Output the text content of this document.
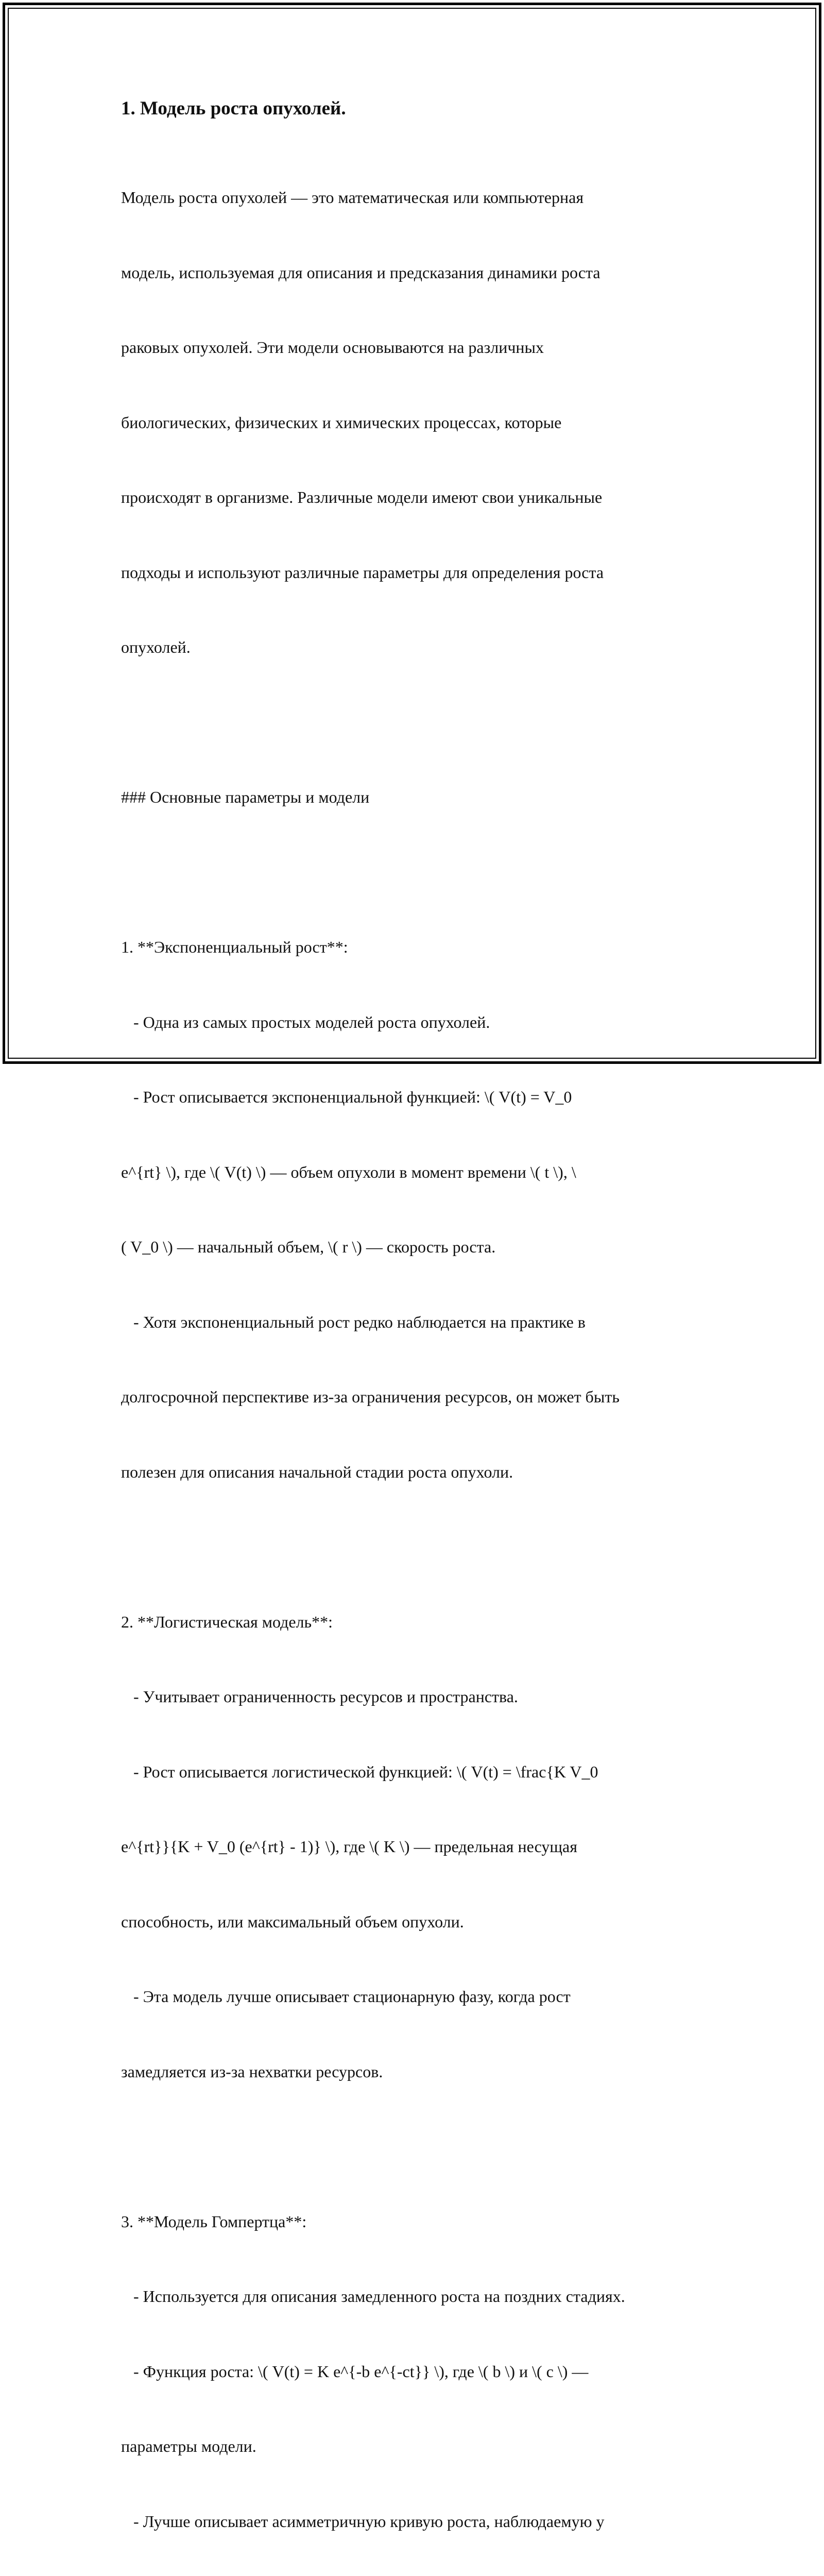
1. Модель роста опухолей.

Модель роста опухолей — это математическая или компьютерная

модель, используемая для описания и предсказания динамики роста

раковых опухолей. Эти модели основываются на различных

биологических, физических и химических процессах, которые

происходят в организме. Различные модели имеют свои уникальные

подходы и используют различные параметры для определения роста

опухолей.

### Основные параметры и модели

1. **Экспоненциальный рост**:

- Одна из самых простых моделей роста опухолей.

- Рост описывается экспоненциальной функцией: \( V(t) = V_0

e^{rt} \), где \( V(t) \) — объем опухоли в момент времени \( t \), \

( V_0 \) — начальный объем, \( r \) — скорость роста.

- Хотя экспоненциальный рост редко наблюдается на практике в

долгосрочной перспективе из-за ограничения ресурсов, он может быть

полезен для описания начальной стадии роста опухоли.

2. **Логистическая модель**:

- Учитывает ограниченность ресурсов и пространства.

- Рост описывается логистической функцией: \( V(t) = \frac{K V_0

e^{rt}}{K + V_0 (e^{rt} - 1)} \), где \( K \) — предельная несущая

способность, или максимальный объем опухоли.

- Эта модель лучше описывает стационарную фазу, когда рост

замедляется из-за нехватки ресурсов.

3. **Модель Гомпертца**:

- Используется для описания замедленного роста на поздних стадиях.

- Функция роста: \( V(t) = K e^{-b e^{-ct}} \), где \( b \) и \( c \) —

параметры модели.

- Лучше описывает асимметричную кривую роста, наблюдаемую у
